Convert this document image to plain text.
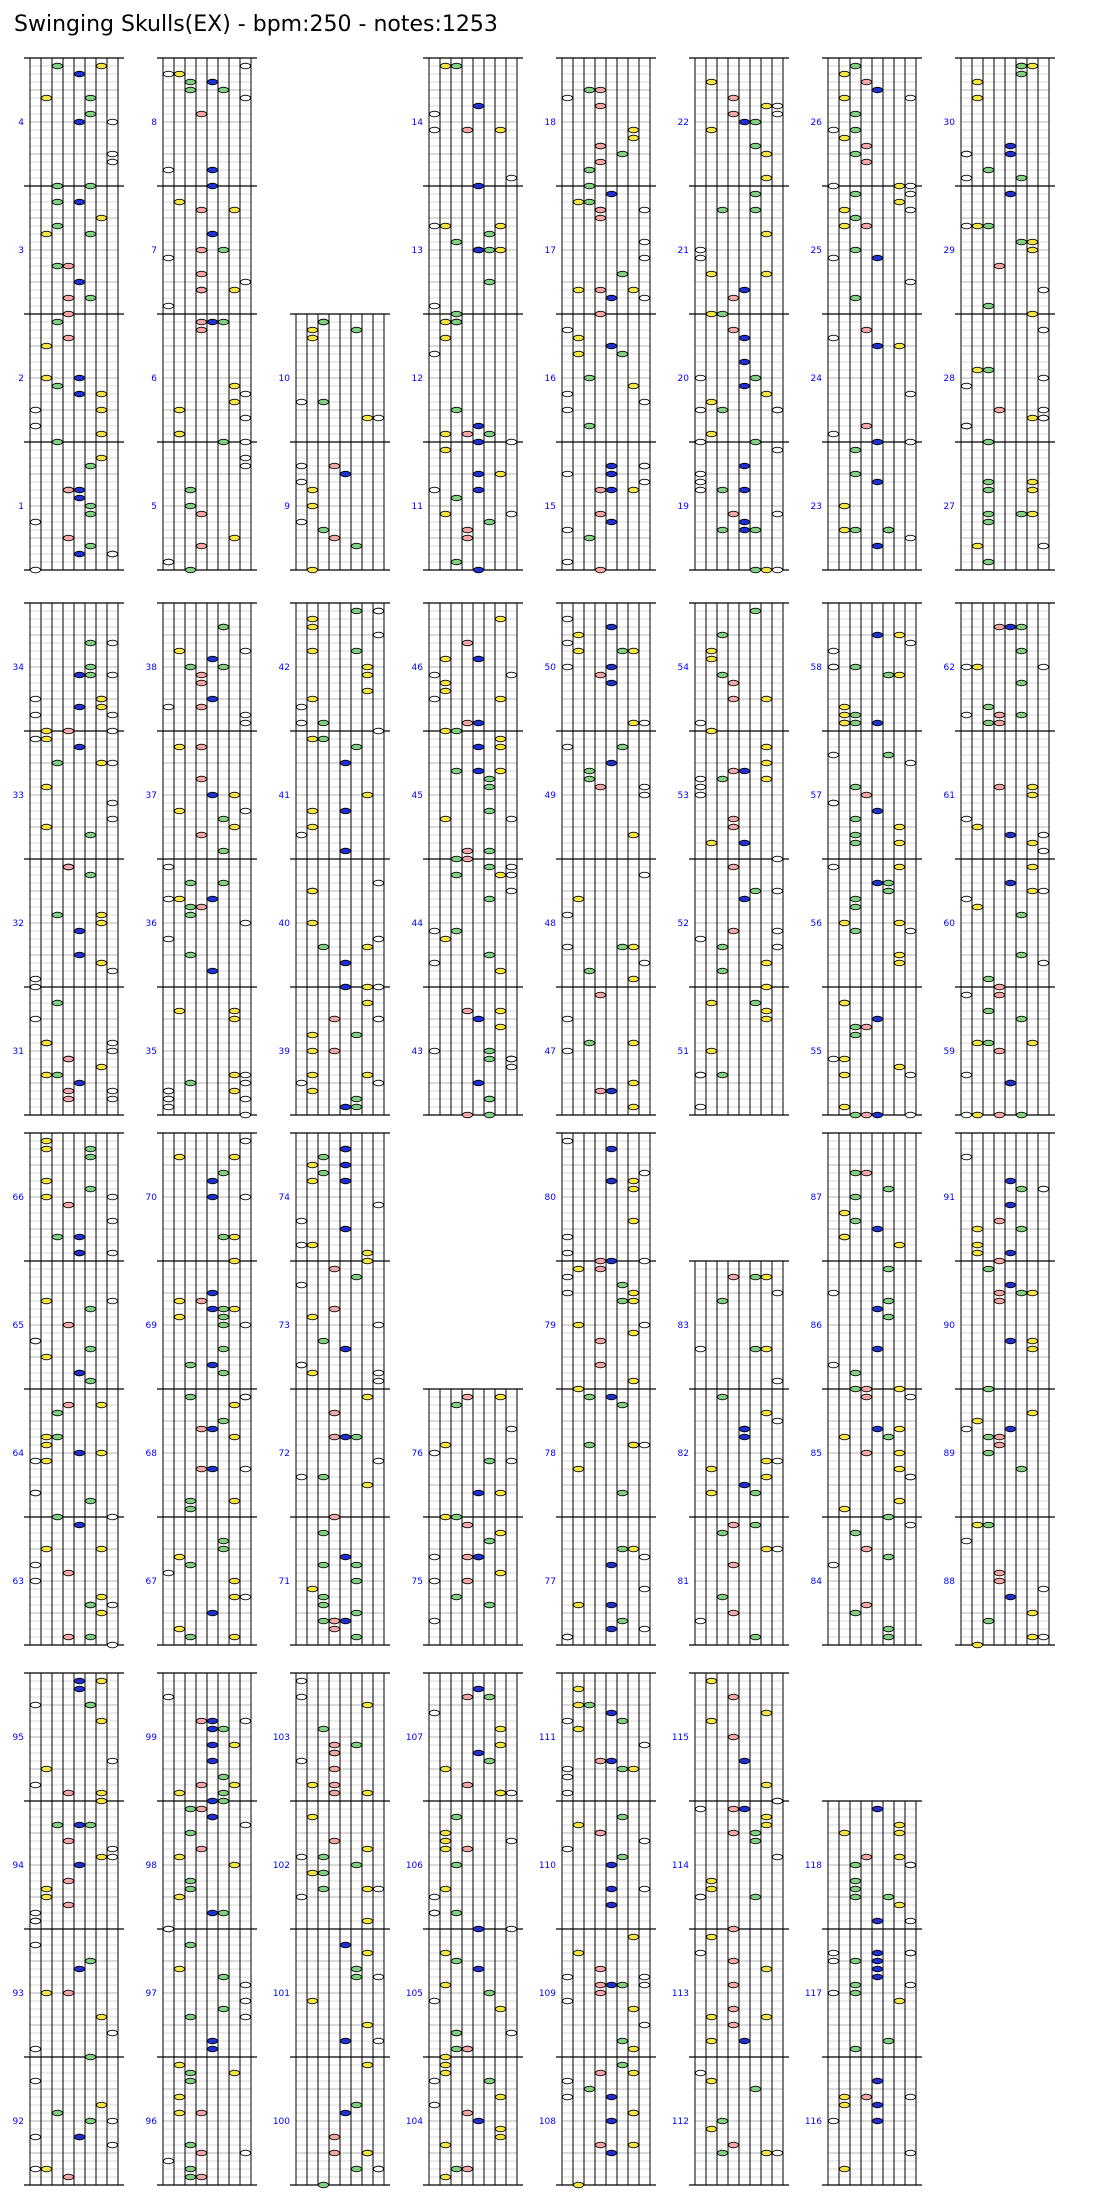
Swinging Skulls(EX) - bpm:250 - notes:1253
1
2
3
4
5
6
7
8
9
10
11
12
13
14
15
16
17
18
19
20
21
22
23
24
25
26
27
28
29
30
31
32
33
34
35
36
37
38
39
40
41
42
43
44
45
46
47
48
49
50
51
52
53
54
55
56
57
58
59
60
61
62
63
64
65
66
67
68
69
70
71
72
73
74
75
76
77
78
79
80
81
82
83
84
85
86
87
88
89
90
91
92
93
94
95
96
97
98
99
100
101
102
103
104
105
106
107
108
109
110
111
112
113
114
115
116
117
118
